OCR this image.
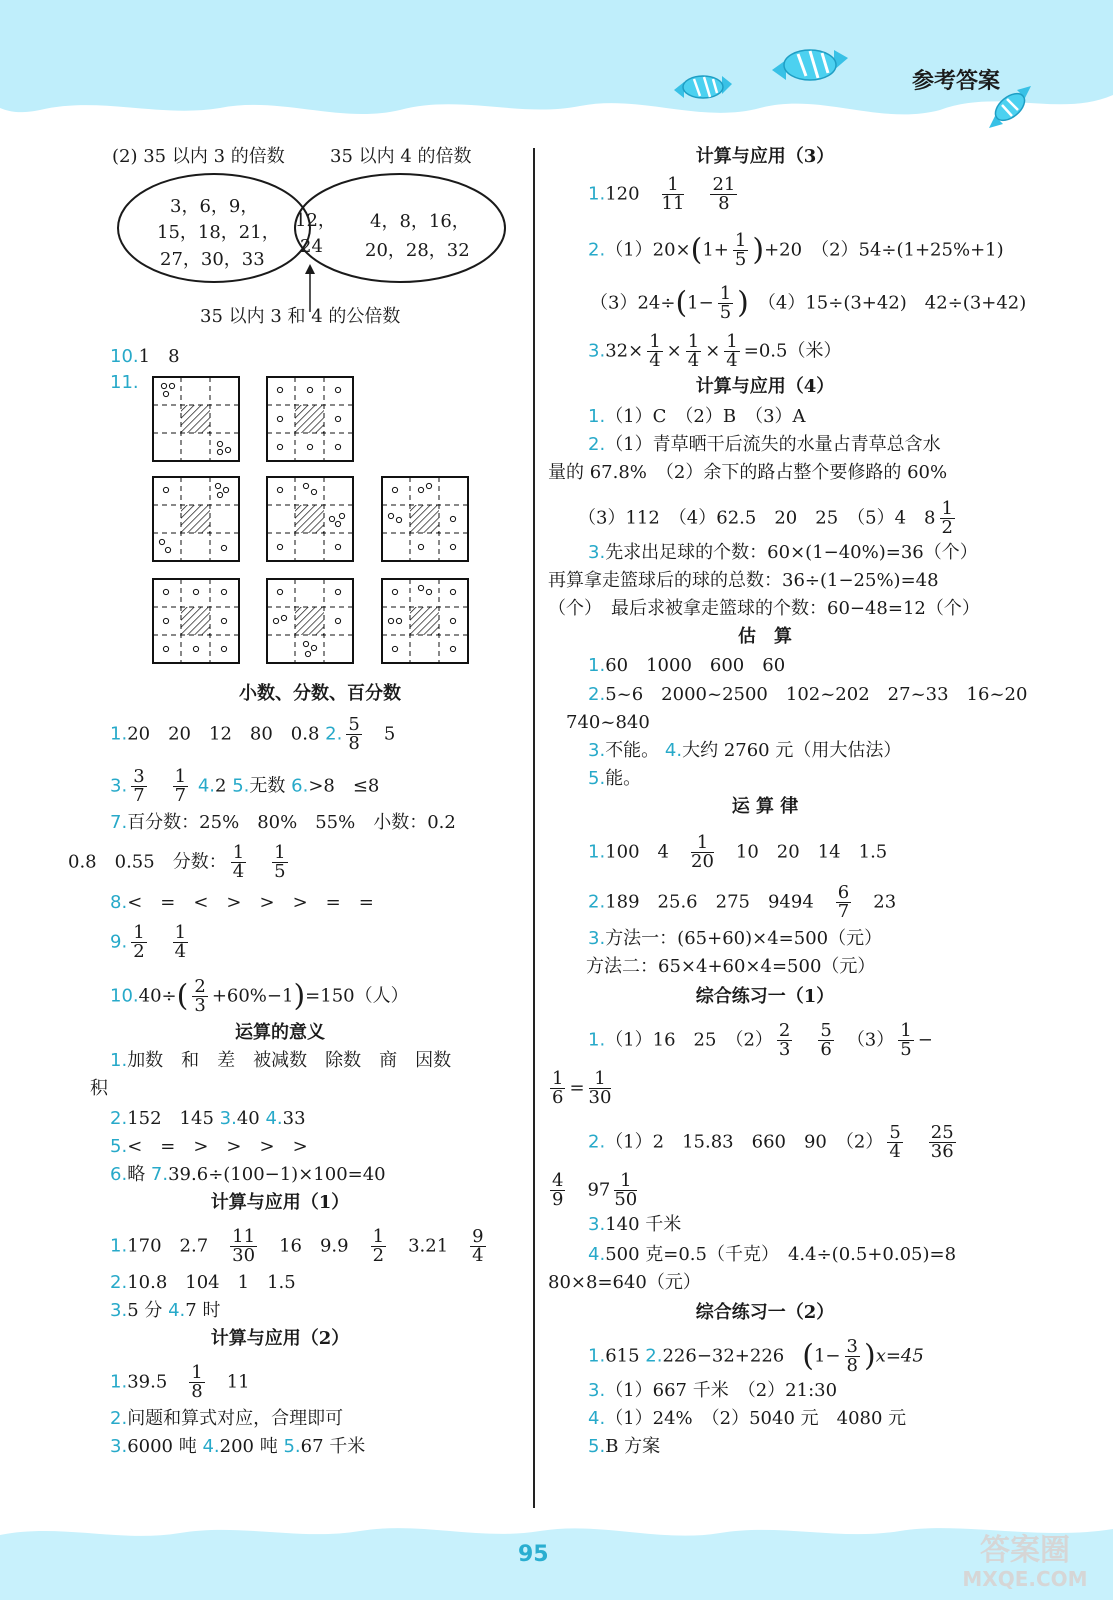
参考答案
95	答案圈
MXQE.COM
(2) 35 以内 3 的倍数	35 以内 4 的倍数
3，6，9，
15，18，21，
27，30，33
12，
24
4，8，16，
20，28，32
35 以内 3 和 4 的公倍数
10.1　8
11.
小数、分数、百分数
1.20　20　12　80　0.8 2. $\frac{5}{8}$
　 5
3. $\frac{3}{7}$
　 $\frac{1}{7} 4.2$ 5.无数 6.>8　≤8
7.百分数：25%　80%　55%　小数：0.2
0.8　0.55　分数： $\frac{1}{4}$
　 $\frac{1}{5}$
8.<　=　<　>　>　>　=　=
9. $\frac{1}{2}$
　 $\frac{1}{4}$
$10.40\div( \frac{2}{3} +60\%-1)=150$（人）
运算的意义
1.加数　和　差　被减数　除数　商　因数
积
2.152　145 3.40 4.33
5.<　=　>　>　>　>
6.略 7.39.6÷(100−1)×100=40
计算与应用（1）
1.170　2.7　 $\frac{11}{30}$
　 16　9.9　 $\frac{1}{2}$
　 3.21　 $\frac{9}{4}$
2.10.8　104　1　1.5
3.5 分 4.7 时
计算与应用（2）
1.39.5　 $\frac{1}{8}$
　 11
2.问题和算式对应，合理即可
3.6000 吨 4.200 吨 5.67 千米
计算与应用（3）
1.120　 $\frac{1}{11}$
　 $\frac{21}{8}$
$2.(1)20\times(1+ \frac{1}{5} )+20$　（2）54÷(1+25%+1)
$(3)24\div(1- \frac{1}{5}$ )　 （4）15÷(3+42)　42÷(3+42)
$3.32\times \frac{1}{4} \times \frac{1}{4} \times \frac{1}{4} =0.5$（米）
计算与应用（4）
1.（1）C　（2）B　（3）A
2.（1）青草晒干后流失的水量占青草总含水
量的 67.8%　（2）余下的路占整个要修路的 60%
（3）112　（4）62.5　20　25　（5）4　$8 \frac{1}{2}$
3.先求出足球的个数：60×(1−40%)=36（个）
再算拿走篮球后的球的总数：36÷(1−25%)=48
（个）　最后求被拿走篮球的个数：60−48=12（个）
估　算
1.60　1000　600　60
2.5~6　2000~2500　102~202　27~33　16~20
740~840
3.不能。 4.大约 2760 元（用大估法）
5.能。
运 算 律
1.100　4　 $\frac{1}{20}$
　 10　20　14　1.5
2.189　25.6　275　9494　 $\frac{6}{7}$
　 23
3.方法一：(65+60)×4=500（元）
方法二：65×4+60×4=500（元）
综合练习一（1）
1.（1）16　25　$(2) \frac{2}{3}$
　 $\frac{5}{6}$
　 $(3) \frac{1}{5}$ −
$\frac{1}{6} = \frac{1}{30}$
2.（1）2　15.83　660　90　$(2) \frac{5}{4}$
　 $\frac{25}{36}$
$\frac{4}{9}$
　 $97 \frac{1}{50}$
3.140 千米
4.500 克=0.5（千克）　4.4÷(0.5+0.05)=8
80×8=640（元）
综合练习一（2）
1.615 2.226−32+226　 $(1- \frac{3}{8} )x=45$
3.（1）667 千米　（2）21:30
4.（1）24%　（2）5040 元　4080 元
5.B 方案
